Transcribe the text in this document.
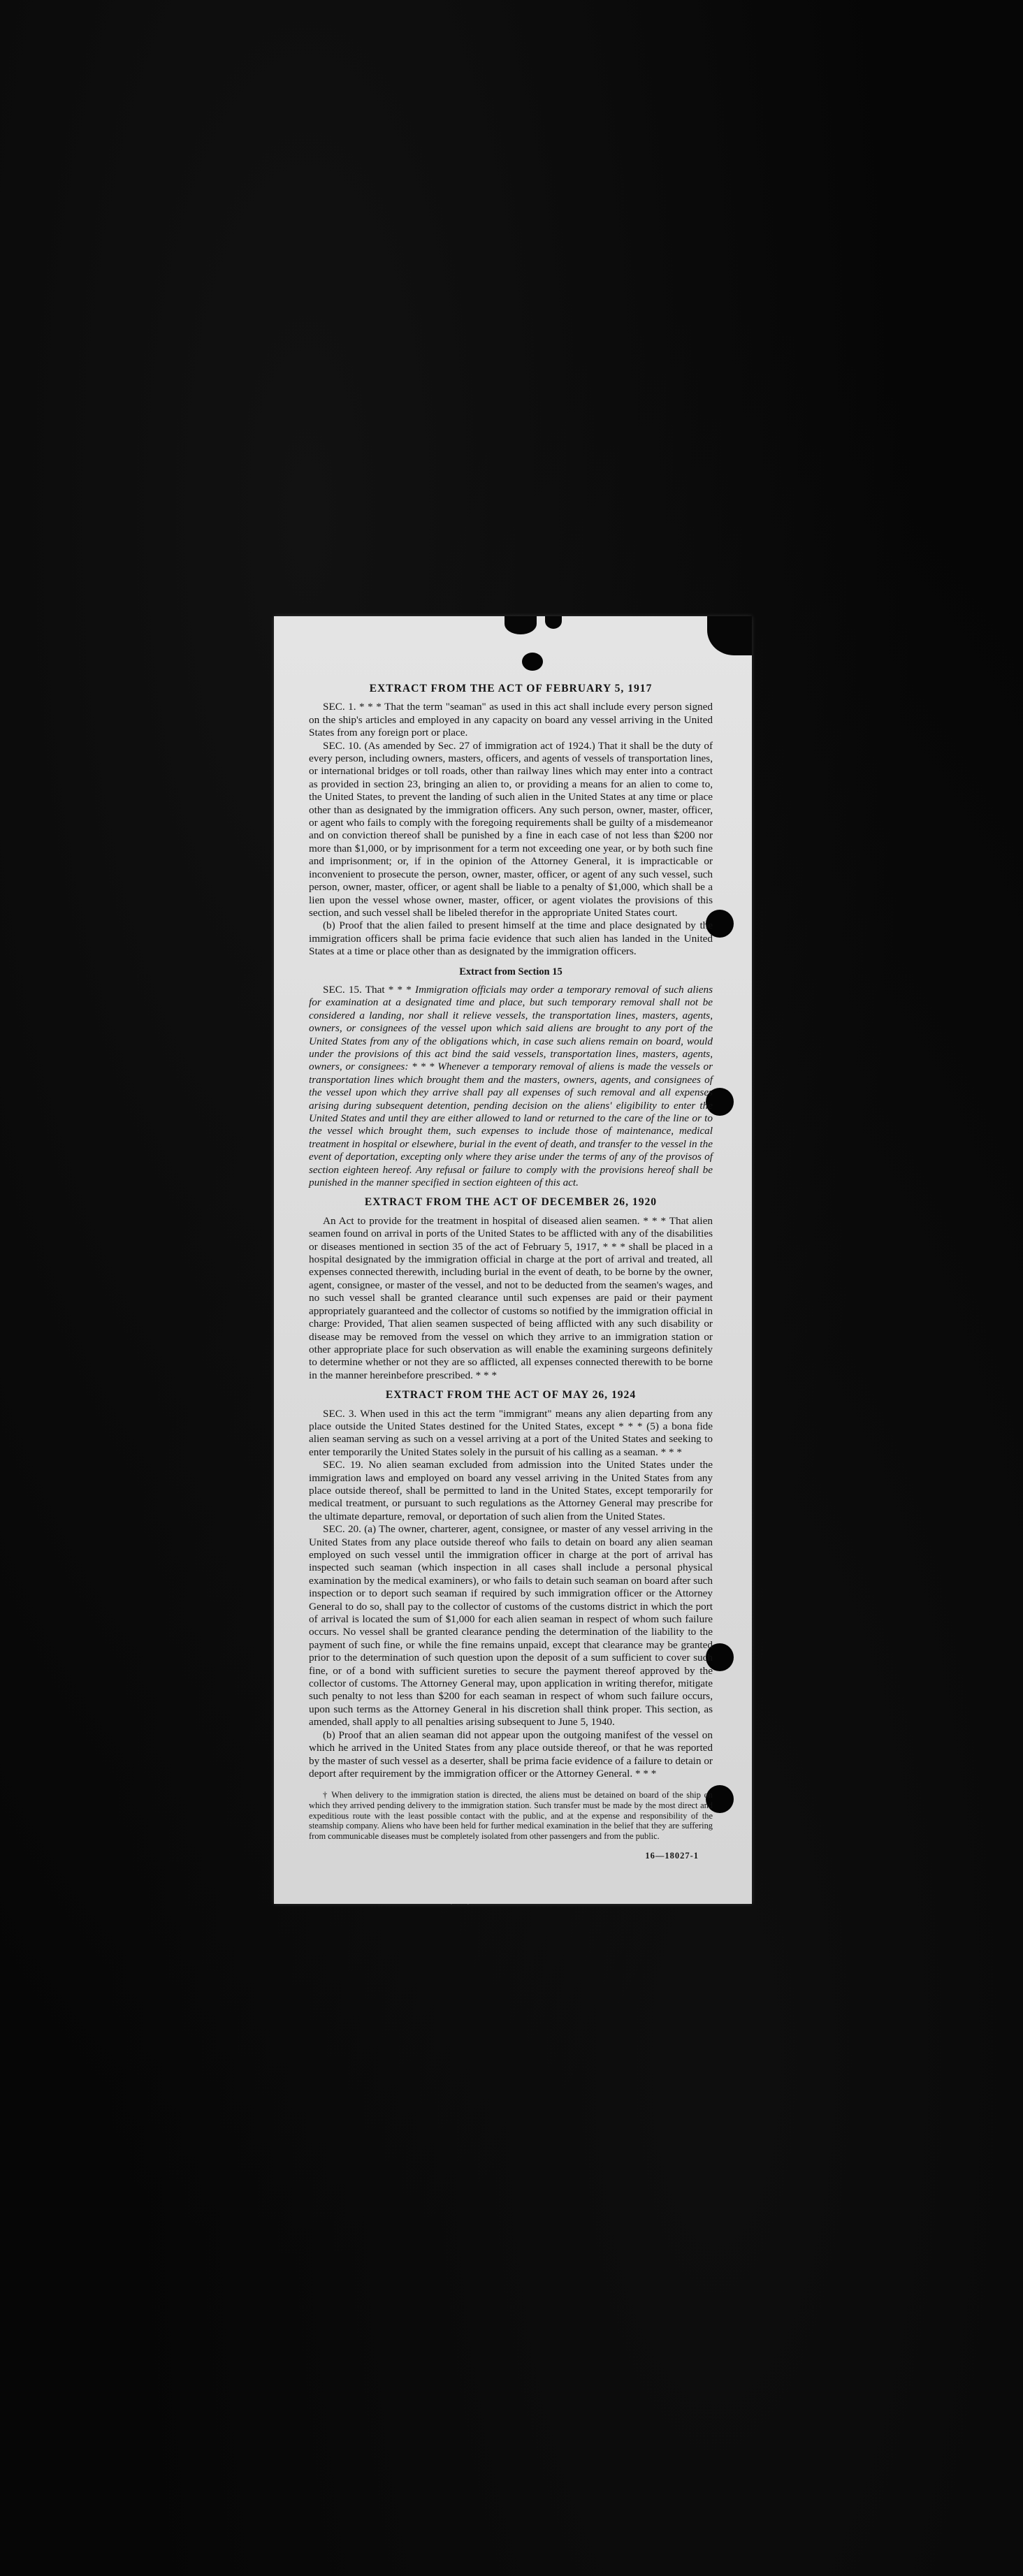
EXTRACT FROM THE ACT OF FEBRUARY 5, 1917

SEC. 1. * * * That the term "seaman" as used in this act shall include every person signed on the ship's articles and employed in any capacity on board any vessel arriving in the United States from any foreign port or place.

SEC. 10. (As amended by Sec. 27 of immigration act of 1924.) That it shall be the duty of every person, including owners, masters, officers, and agents of vessels of transportation lines, or international bridges or toll roads, other than railway lines which may enter into a contract as provided in section 23, bringing an alien to, or providing a means for an alien to come to, the United States, to prevent the landing of such alien in the United States at any time or place other than as designated by the immigration officers. Any such person, owner, master, officer, or agent who fails to comply with the foregoing requirements shall be guilty of a misdemeanor and on conviction thereof shall be punished by a fine in each case of not less than $200 nor more than $1,000, or by imprisonment for a term not exceeding one year, or by both such fine and imprisonment; or, if in the opinion of the Attorney General, it is impracticable or inconvenient to prosecute the person, owner, master, officer, or agent of any such vessel, such person, owner, master, officer, or agent shall be liable to a penalty of $1,000, which shall be a lien upon the vessel whose owner, master, officer, or agent violates the provisions of this section, and such vessel shall be libeled therefor in the appropriate United States court.

(b) Proof that the alien failed to present himself at the time and place designated by the immigration officers shall be prima facie evidence that such alien has landed in the United States at a time or place other than as designated by the immigration officers.

Extract from Section 15

SEC. 15. That * * * Immigration officials may order a temporary removal of such aliens for examination at a designated time and place, but such temporary removal shall not be considered a landing, nor shall it relieve vessels, the transportation lines, masters, agents, owners, or consignees of the vessel upon which said aliens are brought to any port of the United States from any of the obligations which, in case such aliens remain on board, would under the provisions of this act bind the said vessels, transportation lines, masters, agents, owners, or consignees: * * * Whenever a temporary removal of aliens is made the vessels or transportation lines which brought them and the masters, owners, agents, and consignees of the vessel upon which they arrive shall pay all expenses of such removal and all expenses arising during subsequent detention, pending decision on the aliens' eligibility to enter the United States and until they are either allowed to land or returned to the care of the line or to the vessel which brought them, such expenses to include those of maintenance, medical treatment in hospital or elsewhere, burial in the event of death, and transfer to the vessel in the event of deportation, excepting only where they arise under the terms of any of the provisos of section eighteen hereof. Any refusal or failure to comply with the provisions hereof shall be punished in the manner specified in section eighteen of this act.

EXTRACT FROM THE ACT OF DECEMBER 26, 1920

An Act to provide for the treatment in hospital of diseased alien seamen. * * * That alien seamen found on arrival in ports of the United States to be afflicted with any of the disabilities or diseases mentioned in section 35 of the act of February 5, 1917, * * * shall be placed in a hospital designated by the immigration official in charge at the port of arrival and treated, all expenses connected therewith, including burial in the event of death, to be borne by the owner, agent, consignee, or master of the vessel, and not to be deducted from the seamen's wages, and no such vessel shall be granted clearance until such expenses are paid or their payment appropriately guaranteed and the collector of customs so notified by the immigration official in charge: Provided, That alien seamen suspected of being afflicted with any such disability or disease may be removed from the vessel on which they arrive to an immigration station or other appropriate place for such observation as will enable the examining surgeons definitely to determine whether or not they are so afflicted, all expenses connected therewith to be borne in the manner hereinbefore prescribed. * * *

EXTRACT FROM THE ACT OF MAY 26, 1924

SEC. 3. When used in this act the term "immigrant" means any alien departing from any place outside the United States destined for the United States, except * * * (5) a bona fide alien seaman serving as such on a vessel arriving at a port of the United States and seeking to enter temporarily the United States solely in the pursuit of his calling as a seaman. * * *

SEC. 19. No alien seaman excluded from admission into the United States under the immigration laws and employed on board any vessel arriving in the United States from any place outside thereof, shall be permitted to land in the United States, except temporarily for medical treatment, or pursuant to such regulations as the Attorney General may prescribe for the ultimate departure, removal, or deportation of such alien from the United States.

SEC. 20. (a) The owner, charterer, agent, consignee, or master of any vessel arriving in the United States from any place outside thereof who fails to detain on board any alien seaman employed on such vessel until the immigration officer in charge at the port of arrival has inspected such seaman (which inspection in all cases shall include a personal physical examination by the medical examiners), or who fails to detain such seaman on board after such inspection or to deport such seaman if required by such immigration officer or the Attorney General to do so, shall pay to the collector of customs of the customs district in which the port of arrival is located the sum of $1,000 for each alien seaman in respect of whom such failure occurs. No vessel shall be granted clearance pending the determination of the liability to the payment of such fine, or while the fine remains unpaid, except that clearance may be granted prior to the determination of such question upon the deposit of a sum sufficient to cover such fine, or of a bond with sufficient sureties to secure the payment thereof approved by the collector of customs. The Attorney General may, upon application in writing therefor, mitigate such penalty to not less than $200 for each seaman in respect of whom such failure occurs, upon such terms as the Attorney General in his discretion shall think proper. This section, as amended, shall apply to all penalties arising subsequent to June 5, 1940.

(b) Proof that an alien seaman did not appear upon the outgoing manifest of the vessel on which he arrived in the United States from any place outside thereof, or that he was reported by the master of such vessel as a deserter, shall be prima facie evidence of a failure to detain or deport after requirement by the immigration officer or the Attorney General. * * *

† When delivery to the immigration station is directed, the aliens must be detained on board of the ship on which they arrived pending delivery to the immigration station. Such transfer must be made by the most direct and expeditious route with the least possible contact with the public, and at the expense and responsibility of the steamship company. Aliens who have been held for further medical examination in the belief that they are suffering from communicable diseases must be completely isolated from other passengers and from the public.
16—18027-1
